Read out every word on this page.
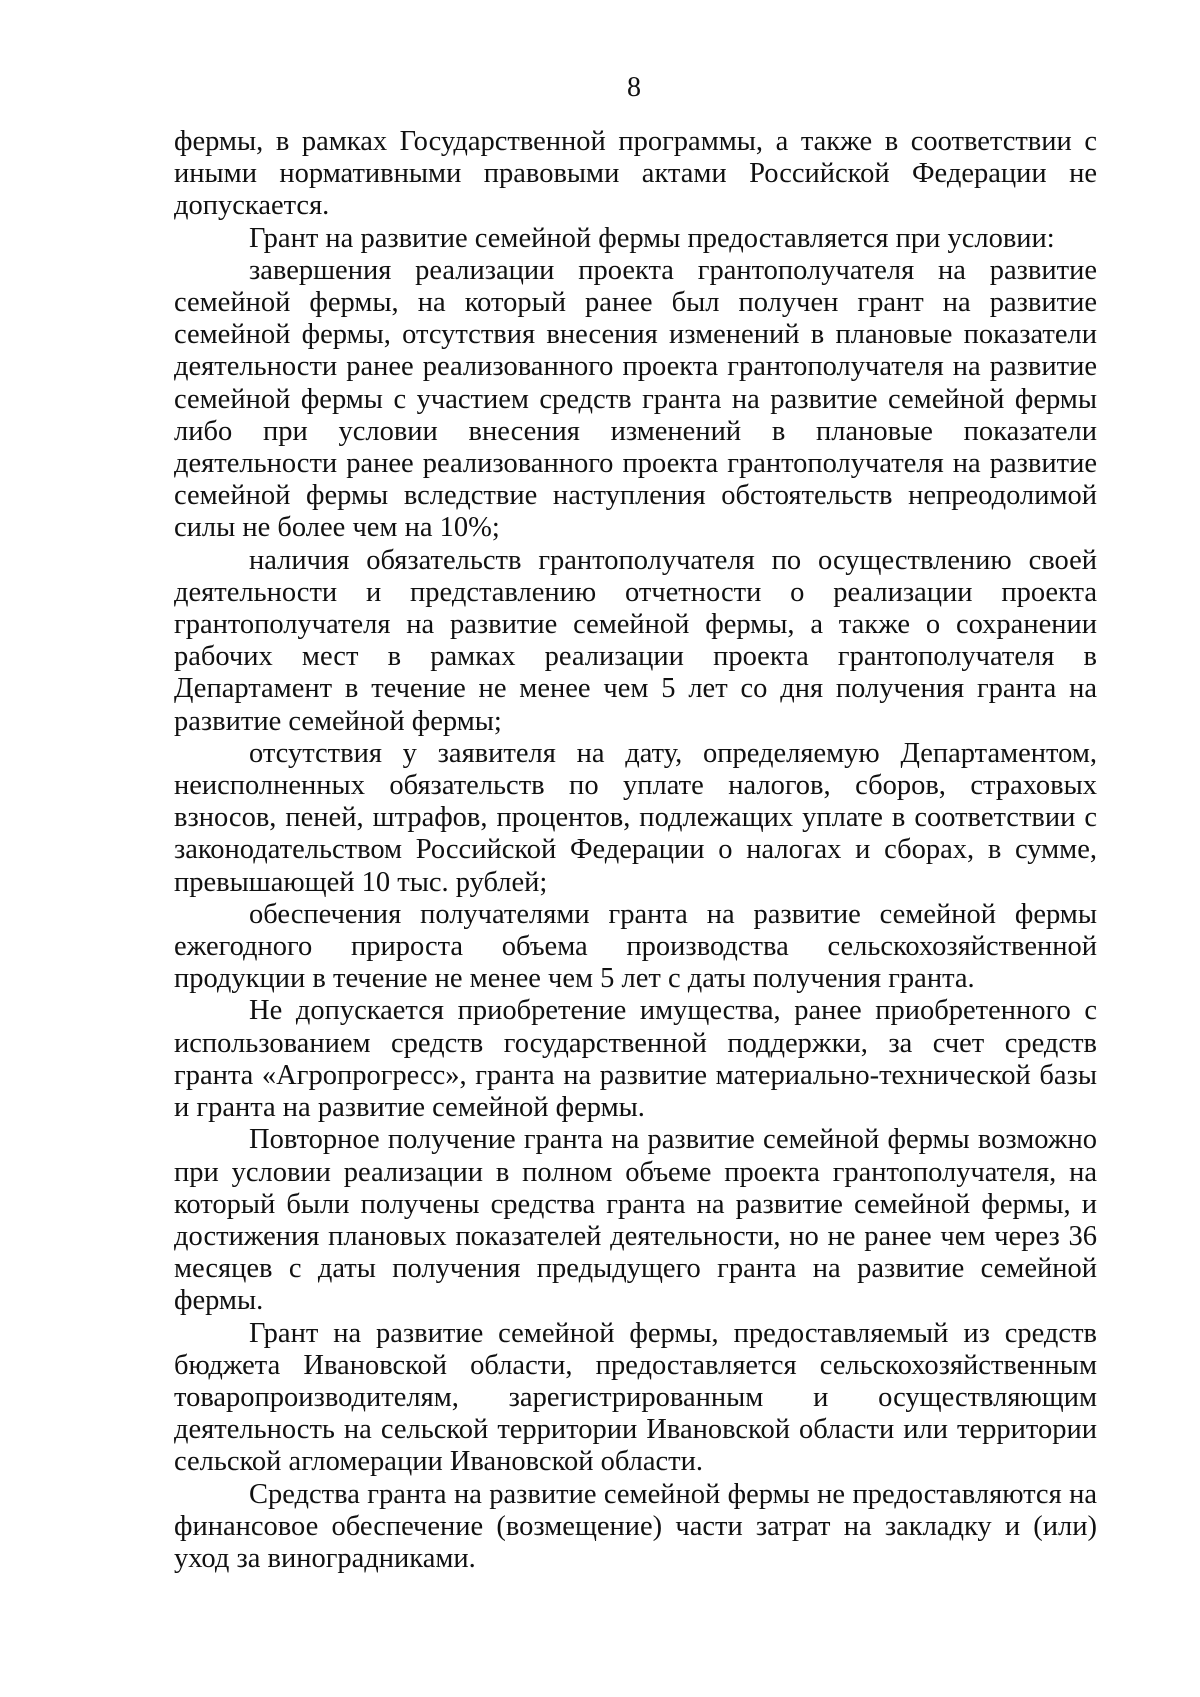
8

фермы, в рамках Государственной программы, а также в соответствии с иными нормативными правовыми актами Российской Федерации не допускается.

Грант на развитие семейной фермы предоставляется при условии:

завершения реализации проекта грантополучателя на развитие семейной фермы, на который ранее был получен грант на развитие семейной фермы, отсутствия внесения изменений в плановые показатели деятельности ранее реализованного проекта грантополучателя на развитие семейной фермы с участием средств гранта на развитие семейной фермы либо при условии внесения изменений в плановые показатели деятельности ранее реализованного проекта грантополучателя на развитие семейной фермы вследствие наступления обстоятельств непреодолимой силы не более чем на 10%;

наличия обязательств грантополучателя по осуществлению своей деятельности и представлению отчетности о реализации проекта грантополучателя на развитие семейной фермы, а также о сохранении рабочих мест в рамках реализации проекта грантополучателя в Департамент в течение не менее чем 5 лет со дня получения гранта на развитие семейной фермы;

отсутствия у заявителя на дату, определяемую Департаментом, неисполненных обязательств по уплате налогов, сборов, страховых взносов, пеней, штрафов, процентов, подлежащих уплате в соответствии с законодательством Российской Федерации о налогах и сборах, в сумме, превышающей 10 тыс. рублей;

обеспечения получателями гранта на развитие семейной фермы ежегодного прироста объема производства сельскохозяйственной продукции в течение не менее чем 5 лет с даты получения гранта.

Не допускается приобретение имущества, ранее приобретенного с использованием средств государственной поддержки, за счет средств гранта «Агропрогресс», гранта на развитие материально-технической базы и гранта на развитие семейной фермы.

Повторное получение гранта на развитие семейной фермы возможно при условии реализации в полном объеме проекта грантополучателя, на который были получены средства гранта на развитие семейной фермы, и достижения плановых показателей деятельности, но не ранее чем через 36 месяцев с даты получения предыдущего гранта на развитие семейной фермы.

Грант на развитие семейной фермы, предоставляемый из средств бюджета Ивановской области, предоставляется сельскохозяйственным товаропроизводителям, зарегистрированным и осуществляющим деятельность на сельской территории Ивановской области или территории сельской агломерации Ивановской области.

Средства гранта на развитие семейной фермы не предоставляются на финансовое обеспечение (возмещение) части затрат на закладку и (или) уход за виноградниками.
